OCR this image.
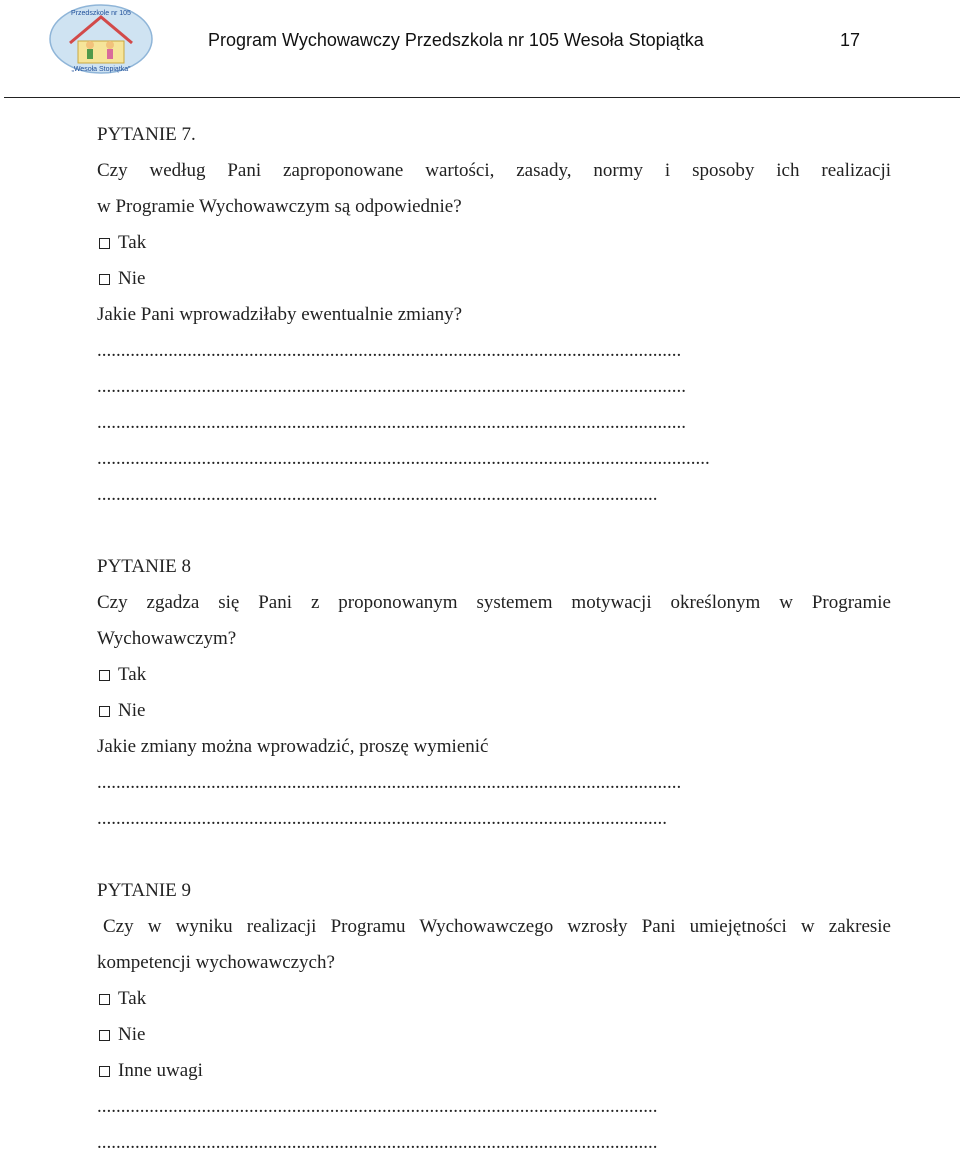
Przedszkole nr 105
„Wesoła Stopiątka”
Program Wychowawczy Przedszkola nr 105 Wesoła Stopiątka	17
PYTANIE 7.
Czy według Pani zaproponowane wartości, zasady, normy i sposoby ich realizacji
w Programie Wychowawczym są odpowiednie?
Tak
Nie
Jakie Pani wprowadziłaby ewentualnie zmiany?
...........................................................................................................................
............................................................................................................................
............................................................................................................................
.................................................................................................................................
......................................................................................................................
PYTANIE 8
Czy zgadza się Pani z proponowanym systemem motywacji określonym w Programie
Wychowawczym?
Tak
Nie
Jakie zmiany można wprowadzić, proszę wymienić
...........................................................................................................................
........................................................................................................................
PYTANIE 9
Czy w wyniku realizacji Programu Wychowawczego wzrosły Pani umiejętności w zakresie
kompetencji wychowawczych?
Tak
Nie
Inne uwagi
......................................................................................................................
......................................................................................................................
